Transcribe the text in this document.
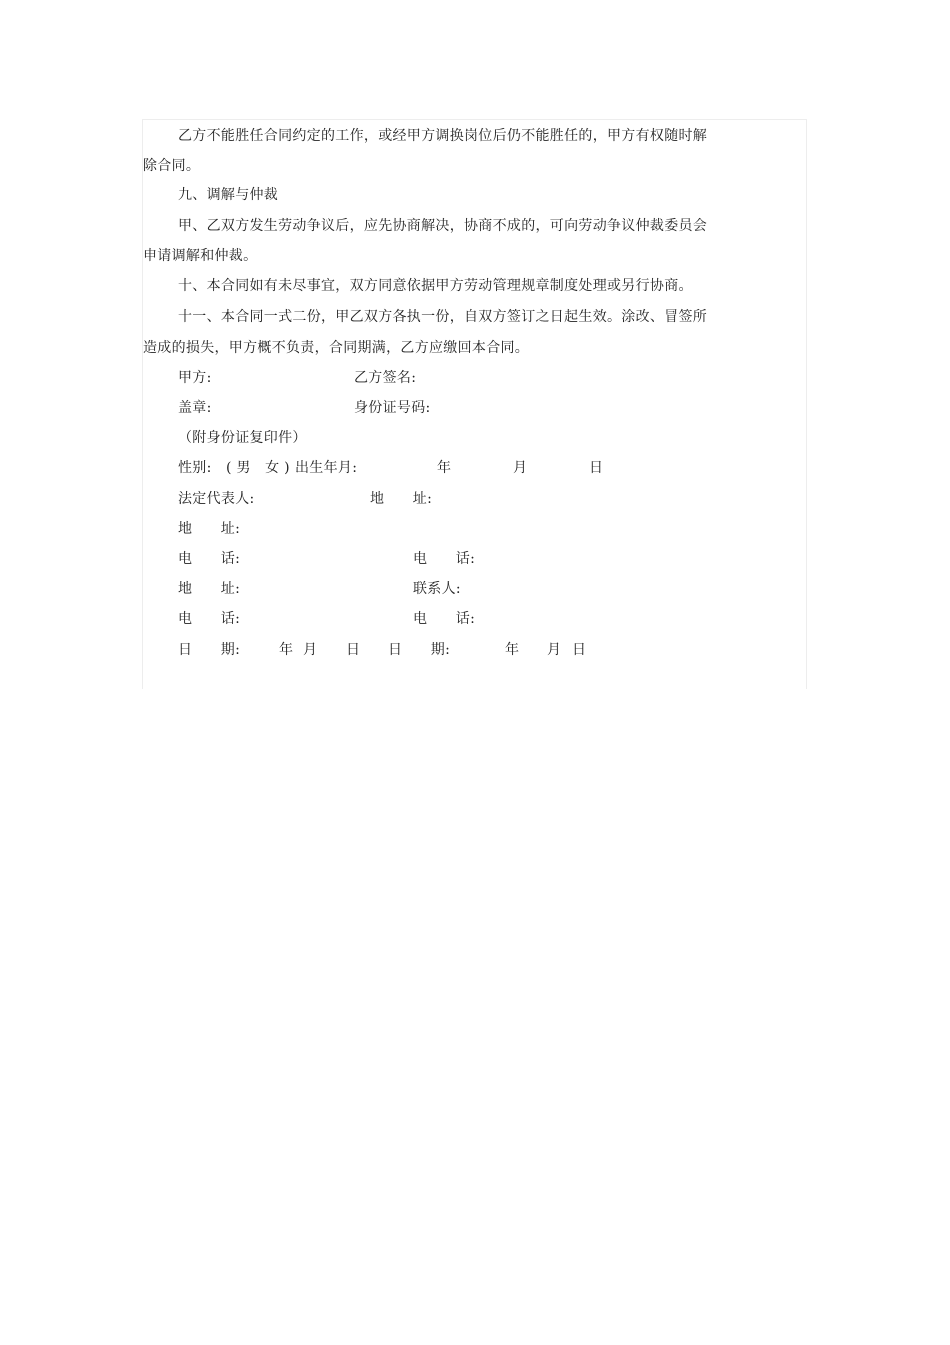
乙方不能胜任合同约定的工作，或经甲方调换岗位后仍不能胜任的，甲方有权随时解
除合同。
九、调解与仲裁
甲、乙双方发生劳动争议后，应先协商解决，协商不成的，可向劳动争议仲裁委员会
申请调解和仲裁。
十、本合同如有未尽事宜，双方同意依据甲方劳动管理规章制度处理或另行协商。
十一、本合同一式二份，甲乙双方各执一份，自双方签订之日起生效。涂改、冒签所
造成的损失，甲方概不负责，合同期满，乙方应缴回本合同。
甲方:	乙方签名:
盖章:	身份证号码:
（附身份证复印件）
性别: ( 男   女 ) 出生年月:	年	月	日
法定代表人:	地      址:
地      址:
电      话:	电      话:
地      址:	联系人:
电      话:	电      话:
日      期:	年 月 日 日      期:	年 月 日
